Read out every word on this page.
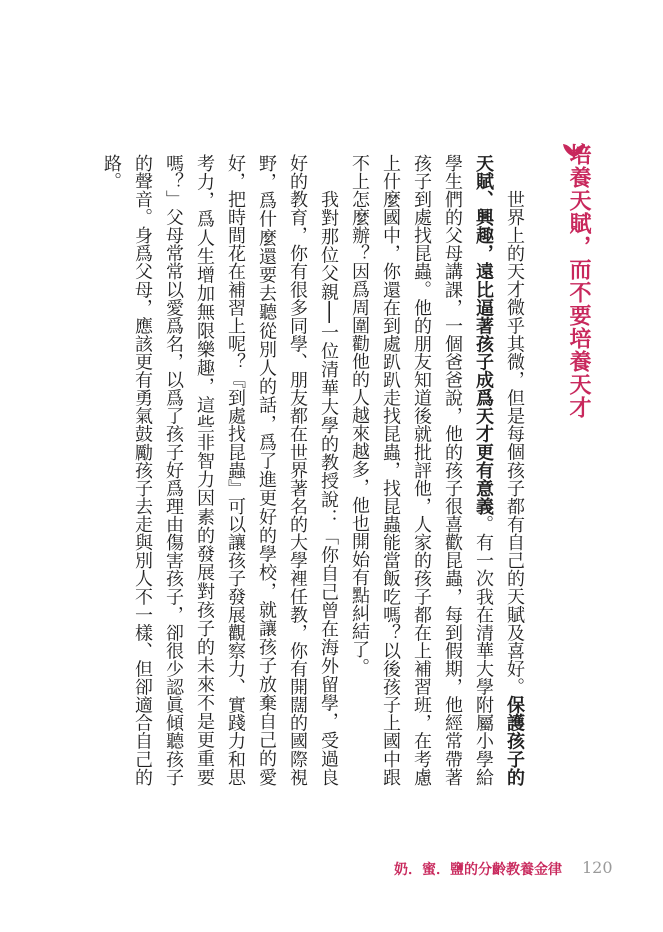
培養天賦，而不要培養天才

世界上的天才微乎其微，但是每個孩子都有自己的天賦及喜好。保護孩子的天賦、興趣，遠比逼著孩子成爲天才更有意義。有一次我在清華大學附屬小學給學生們的父母講課，一個爸爸說，他的孩子很喜歡昆蟲，每到假期，他經常帶著孩子到處找昆蟲。他的朋友知道後就批評他，人家的孩子都在上補習班，在考慮上什麼國中，你還在到處趴趴走找昆蟲，找昆蟲能當飯吃嗎？以後孩子上國中跟不上怎麼辦？因爲周圍勸他的人越來越多，他也開始有點糾結了。

我對那位父親──一位清華大學的教授說：「你自己曾在海外留學，受過良好的教育，你有很多同學、朋友都在世界著名的大學裡任教，你有開闊的國際視野，爲什麼還要去聽從別人的話，爲了進更好的學校，就讓孩子放棄自己的愛好，把時間花在補習上呢？『到處找昆蟲』可以讓孩子發展觀察力、實踐力和思考力，爲人生增加無限樂趣，這些非智力因素的發展對孩子的未來不是更重要嗎？」父母常常以愛爲名，以爲了孩子好爲理由傷害孩子，卻很少認眞傾聽孩子的聲音。身爲父母，應該更有勇氣鼓勵孩子去走與別人不一樣、但卻適合自己的路。

奶．蜜．鹽的分齡教養金律 120
